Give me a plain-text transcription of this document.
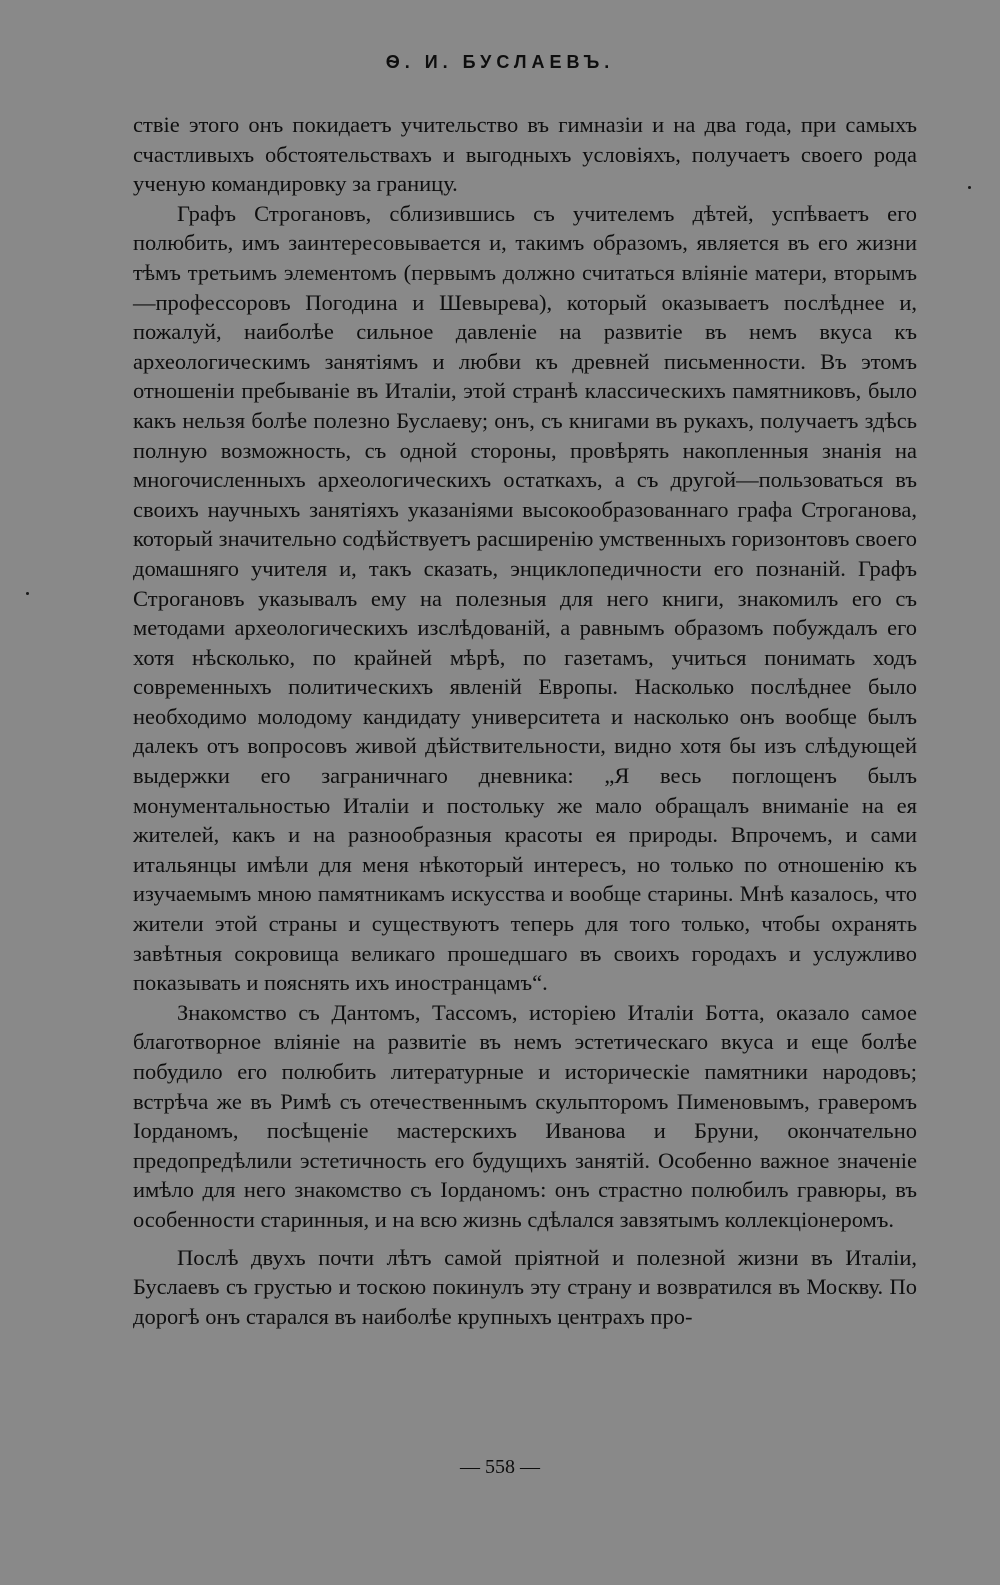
Ѳ. И. БУСЛАЕВЪ.

ствіе этого онъ покидаетъ учительство въ гимназіи и на два года, при самыхъ счастливыхъ обстоятельствахъ и выгодныхъ условіяхъ, получаетъ своего рода ученую командировку за границу.

Графъ Строгановъ, сблизившись съ учителемъ дѣтей, успѣваетъ его полюбить, имъ заинтересовывается и, такимъ образомъ, является въ его жизни тѣмъ третьимъ элементомъ (первымъ должно считаться вліяніе матери, вторымъ—профессоровъ Погодина и Шевырева), который оказываетъ послѣднее и, пожалуй, наиболѣе сильное давленіе на развитіе въ немъ вкуса къ археологическимъ занятіямъ и любви къ древней письменности. Въ этомъ отношеніи пребываніе въ Италіи, этой странѣ классическихъ памятниковъ, было какъ нельзя болѣе полезно Буслаеву; онъ, съ книгами въ рукахъ, получаетъ здѣсь полную возможность, съ одной стороны, провѣрять накопленныя знанія на многочисленныхъ археологическихъ остаткахъ, а съ другой—пользоваться въ своихъ научныхъ занятіяхъ указаніями высокообразованнаго графа Строганова, который значительно содѣйствуетъ расширенію умственныхъ горизонтовъ своего домашняго учителя и, такъ сказать, энциклопедичности его познаній. Графъ Строгановъ указывалъ ему на полезныя для него книги, знакомилъ его съ методами археологическихъ изслѣдованій, а равнымъ образомъ побуждалъ его хотя нѣсколько, по крайней мѣрѣ, по газетамъ, учиться понимать ходъ современныхъ политическихъ явленій Европы. Насколько послѣднее было необходимо молодому кандидату университета и насколько онъ вообще былъ далекъ отъ вопросовъ живой дѣйствительности, видно хотя бы изъ слѣдующей выдержки его заграничнаго дневника: „Я весь поглощенъ былъ монументальностью Италіи и постольку же мало обращалъ вниманіе на ея жителей, какъ и на разнообразныя красоты ея природы. Впрочемъ, и сами итальянцы имѣли для меня нѣкоторый интересъ, но только по отношенію къ изучаемымъ мною памятникамъ искусства и вообще старины. Мнѣ казалось, что жители этой страны и существуютъ теперь для того только, чтобы охранять завѣтныя сокровища великаго прошедшаго въ своихъ городахъ и услужливо показывать и пояснять ихъ иностранцамъ“.

Знакомство съ Дантомъ, Тассомъ, исторіею Италіи Ботта, оказало самое благотворное вліяніе на развитіе въ немъ эстетическаго вкуса и еще болѣе побудило его полюбить литературные и историческіе памятники народовъ; встрѣча же въ Римѣ съ отечественнымъ скульпторомъ Пименовымъ, граверомъ Іорданомъ, посѣщеніе мастерскихъ Иванова и Бруни, окончательно предопредѣлили эстетичность его будущихъ занятій. Особенно важное значеніе имѣло для него знакомство съ Іорданомъ: онъ страстно полюбилъ гравюры, въ особенности старинныя, и на всю жизнь сдѣлался завзятымъ коллекціонеромъ.

Послѣ двухъ почти лѣтъ самой пріятной и полезной жизни въ Италіи, Буслаевъ съ грустью и тоскою покинулъ эту страну и возвратился въ Москву. По дорогѣ онъ старался въ наиболѣе крупныхъ центрахъ про-

— 558 —
